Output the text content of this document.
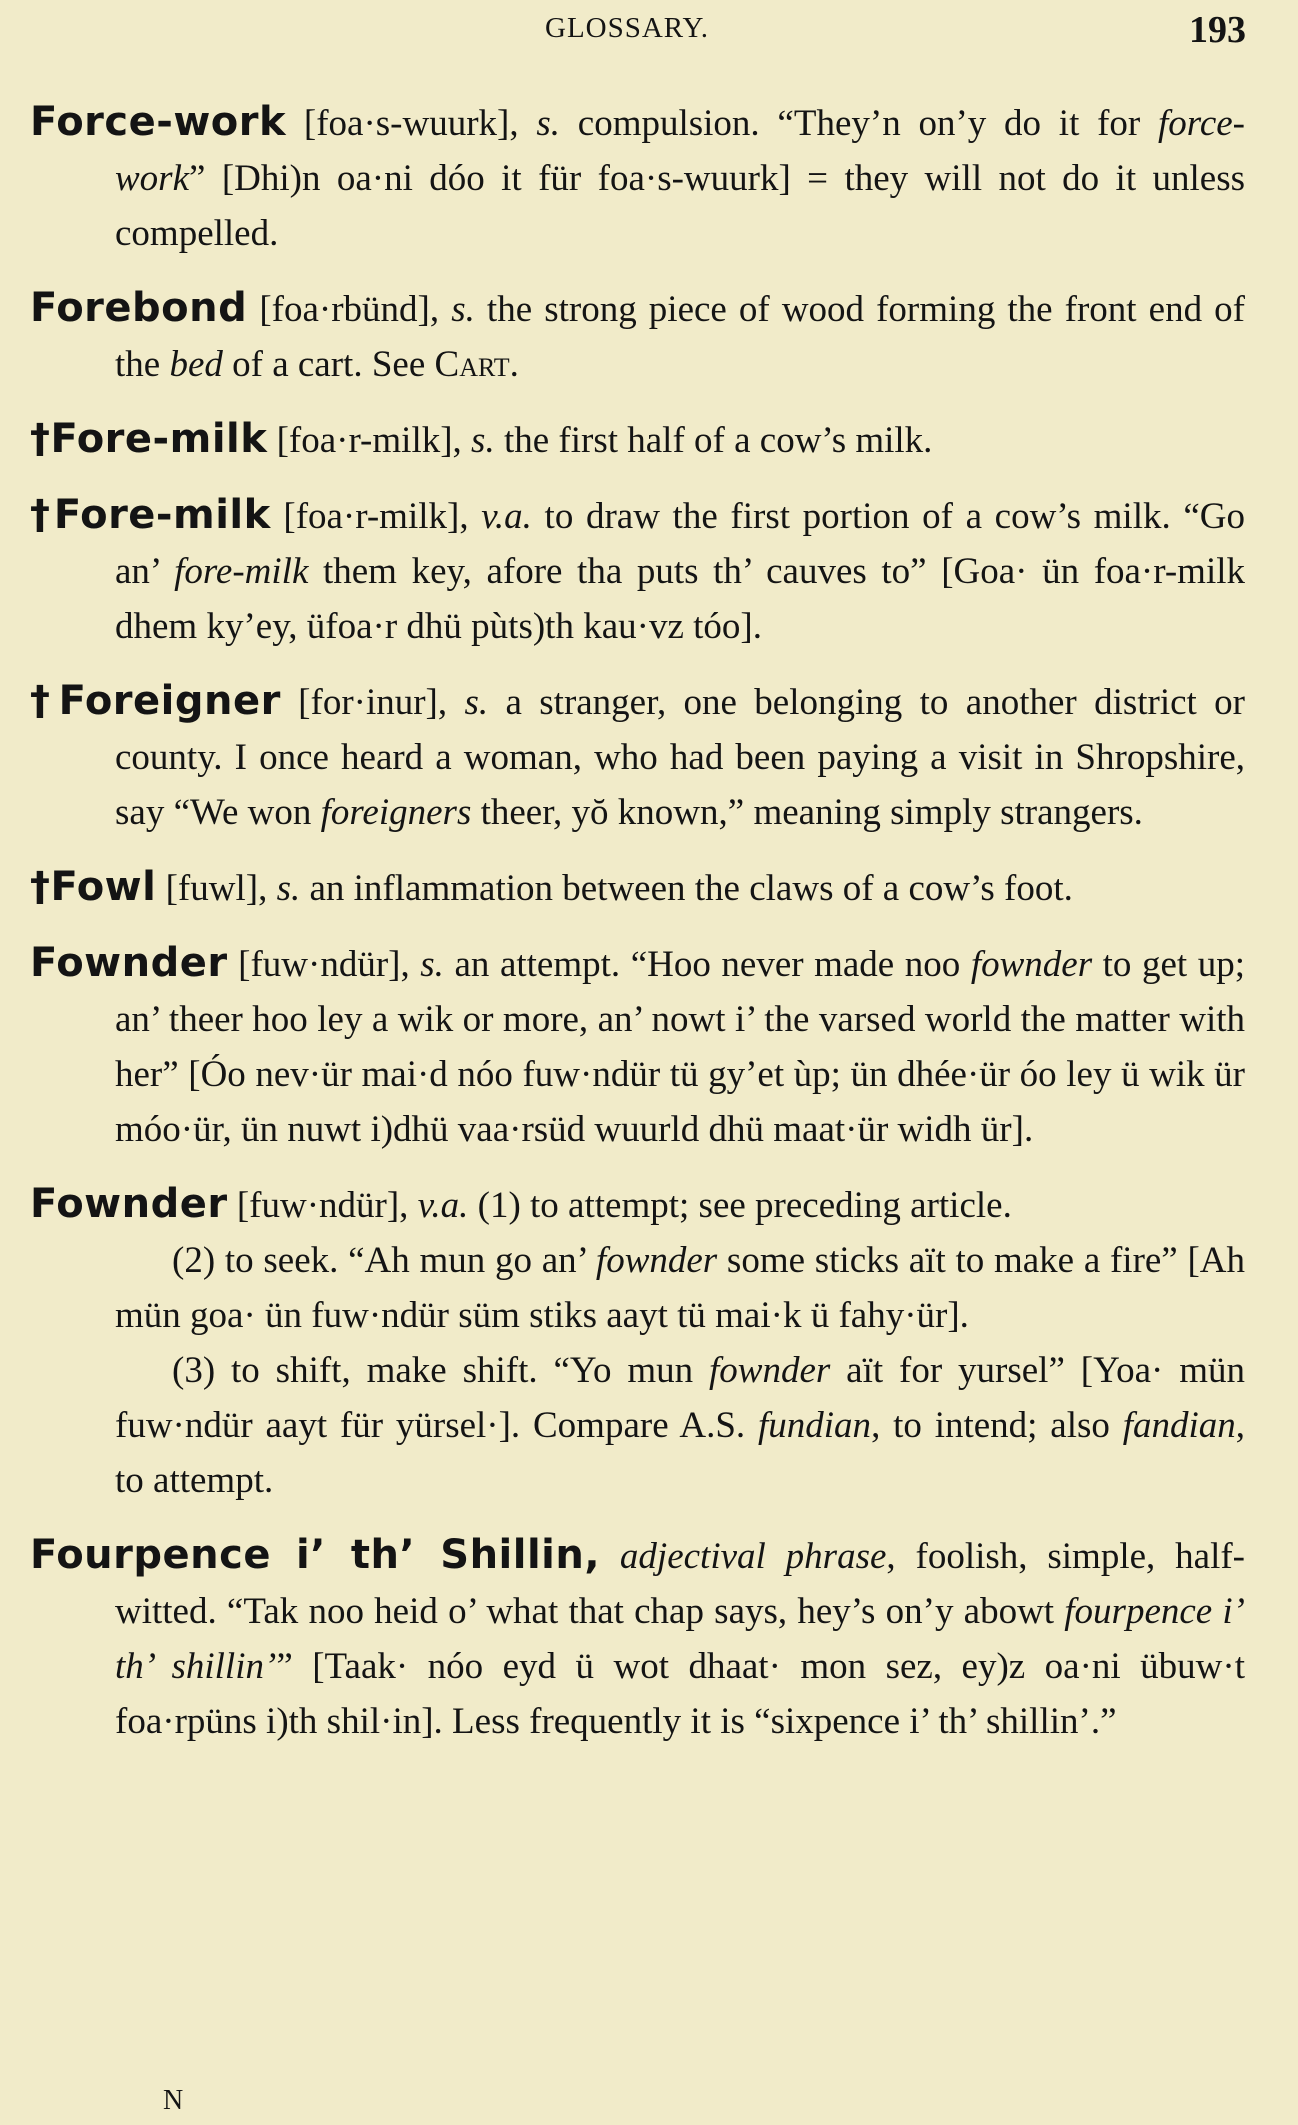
GLOSSARY.	193

Force-work [foa·s-wuurk], s. compulsion. “They’n on’y do it for force-work” [Dhi)n oa·ni dóo it für foa·s-wuurk] = they will not do it unless compelled.

Forebond [foa·rbünd], s. the strong piece of wood forming the front end of the bed of a cart. See Cart.

†Fore-milk [foa·r-milk], s. the first half of a cow’s milk.

†Fore-milk [foa·r-milk], v.a. to draw the first portion of a cow’s milk. “Go an’ fore-milk them key, afore tha puts th’ cauves to” [Goa· ün foa·r-milk dhem ky’ey, üfoa·r dhü pùts)th kau·vz tóo].

†Foreigner [for·inur], s. a stranger, one belonging to another district or county. I once heard a woman, who had been paying a visit in Shropshire, say “We won foreigners theer, yŏ known,” meaning simply strangers.

†Fowl [fuwl], s. an inflammation between the claws of a cow’s foot.

Fownder [fuw·ndür], s. an attempt. “Hoo never made noo fownder to get up; an’ theer hoo ley a wik or more, an’ nowt i’ the varsed world the matter with her” [Óo nev·ür mai·d nóo fuw·ndür tü gy’et ùp; ün dhée·ür óo ley ü wik ür móo·ür, ün nuwt i)dhü vaa·rsüd wuurld dhü maat·ür widh ür].

Fownder [fuw·ndür], v.a. (1) to attempt; see preceding article.

(2) to seek. “Ah mun go an’ fownder some sticks aït to make a fire” [Ah mün goa· ün fuw·ndür süm stiks aayt tü mai·k ü fahy·ür].

(3) to shift, make shift. “Yo mun fownder aït for yursel” [Yoa· mün fuw·ndür aayt für yürsel·]. Compare A.S. fundian, to intend; also fandian, to attempt.

Fourpence i’ th’ Shillin, adjectival phrase, foolish, simple, half-witted. “Tak noo heid o’ what that chap says, hey’s on’y abowt fourpence i’ th’ shillin’” [Taak· nóo eyd ü wot dhaat· mon sez, ey)z oa·ni übuw·t foa·rpüns i)th shil·in]. Less frequently it is “sixpence i’ th’ shillin’.”

N
